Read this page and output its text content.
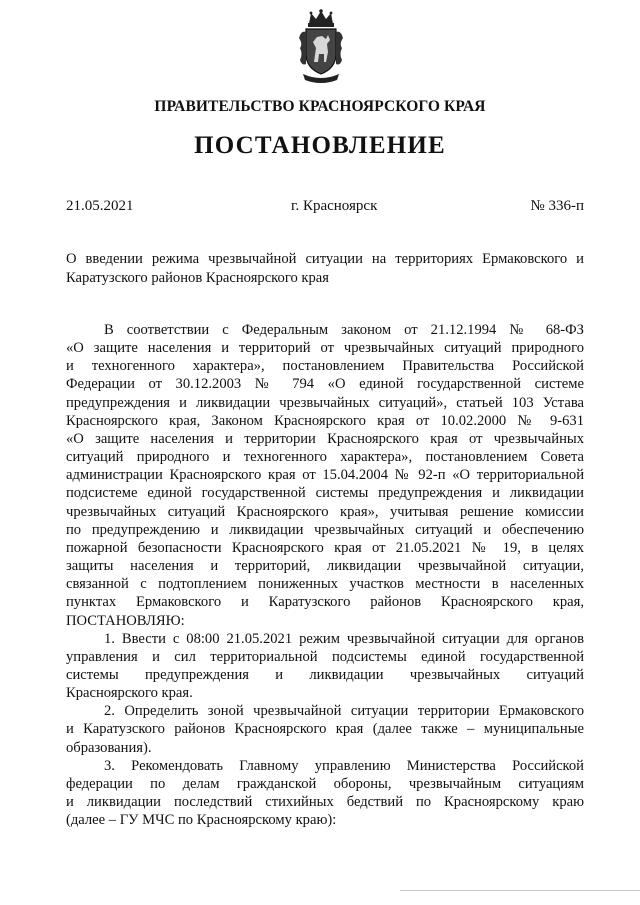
ПРАВИТЕЛЬСТВО КРАСНОЯРСКОГО КРАЯ
ПОСТАНОВЛЕНИЕ
21.05.2021	г. Красноярск	№ 336-п
О введении режима чрезвычайной ситуации на территориях Ермаковского и
Каратузского районов Красноярского края
В соответствии с Федеральным законом от 21.12.1994 № 68-ФЗ
«О защите населения и территорий от чрезвычайных ситуаций природного
и техногенного характера», постановлением Правительства Российской
Федерации от 30.12.2003 № 794 «О единой государственной системе
предупреждения и ликвидации чрезвычайных ситуаций», статьей 103 Устава
Красноярского края, Законом Красноярского края от 10.02.2000 № 9-631
«О защите населения и территории Красноярского края от чрезвычайных
ситуаций природного и техногенного характера», постановлением Совета
администрации Красноярского края от 15.04.2004 № 92-п «О территориальной
подсистеме единой государственной системы предупреждения и ликвидации
чрезвычайных ситуаций Красноярского края», учитывая решение комиссии
по предупреждению и ликвидации чрезвычайных ситуаций и обеспечению
пожарной безопасности Красноярского края от 21.05.2021 № 19, в целях
защиты населения и территорий, ликвидации чрезвычайной ситуации,
связанной с подтоплением пониженных участков местности в населенных
пунктах Ермаковского и Каратузского районов Красноярского края,
ПОСТАНОВЛЯЮ:
1. Ввести с 08:00 21.05.2021 режим чрезвычайной ситуации для органов
управления и сил территориальной подсистемы единой государственной
системы предупреждения и ликвидации чрезвычайных ситуаций
Красноярского края.
2. Определить зоной чрезвычайной ситуации территории Ермаковского
и Каратузского районов Красноярского края (далее также – муниципальные
образования).
3. Рекомендовать Главному управлению Министерства Российской
федерации по делам гражданской обороны, чрезвычайным ситуациям
и ликвидации последствий стихийных бедствий по Красноярскому краю
(далее – ГУ МЧС по Красноярскому краю):
